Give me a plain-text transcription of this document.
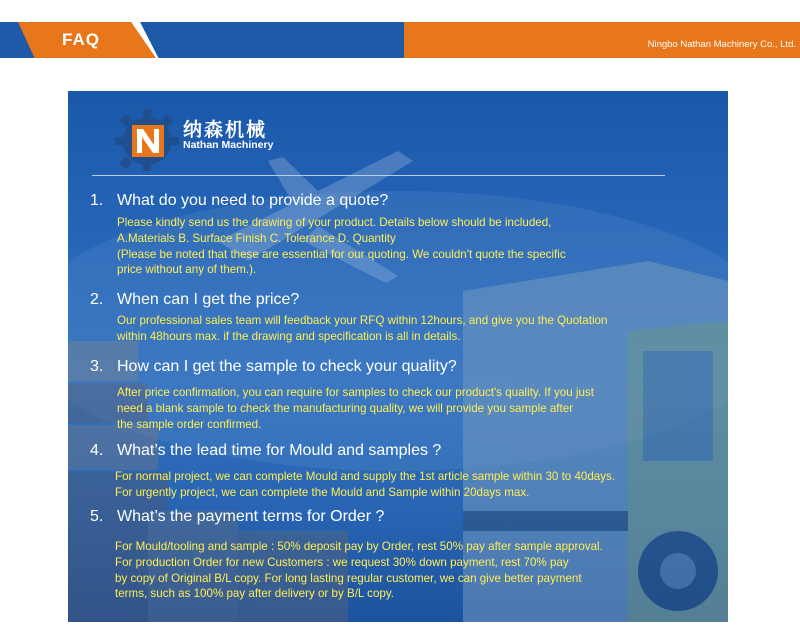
FAQ	Ningbo Nathan Machinery Co., Ltd.
纳森机械
Nathan Machinery
1. What do you need to provide a quote?
Please kindly send us the drawing of your product. Details below should be included,
A.Materials B. Surface Finish C. Tolerance D. Quantity
(Please be noted that these are essential for our quoting. We couldn't quote the specific
price without any of them.).
2. When can I get the price?
Our professional sales team will feedback your RFQ within 12hours, and give you the Quotation
within 48hours max. if the drawing and specification is all in details.
3. How can I get the sample to check your quality?
After price confirmation, you can require for samples to check our product's quality. If you just
need a blank sample to check the manufacturing quality, we will provide you sample after
the sample order confirmed.
4. What’s the lead time for Mould and samples ?
For normal project, we can complete Mould and supply the 1st article sample within 30 to 40days.
For urgently project, we can complete the Mould and Sample within 20days max.
5. What’s the payment terms for Order ?
For Mould/tooling and sample : 50% deposit pay by Order, rest 50% pay after sample approval.
For production Order for new Customers : we request 30% down payment, rest 70% pay
by copy of Original B/L copy. For long lasting regular customer, we can give better payment
terms, such as 100% pay after delivery or by B/L copy.
